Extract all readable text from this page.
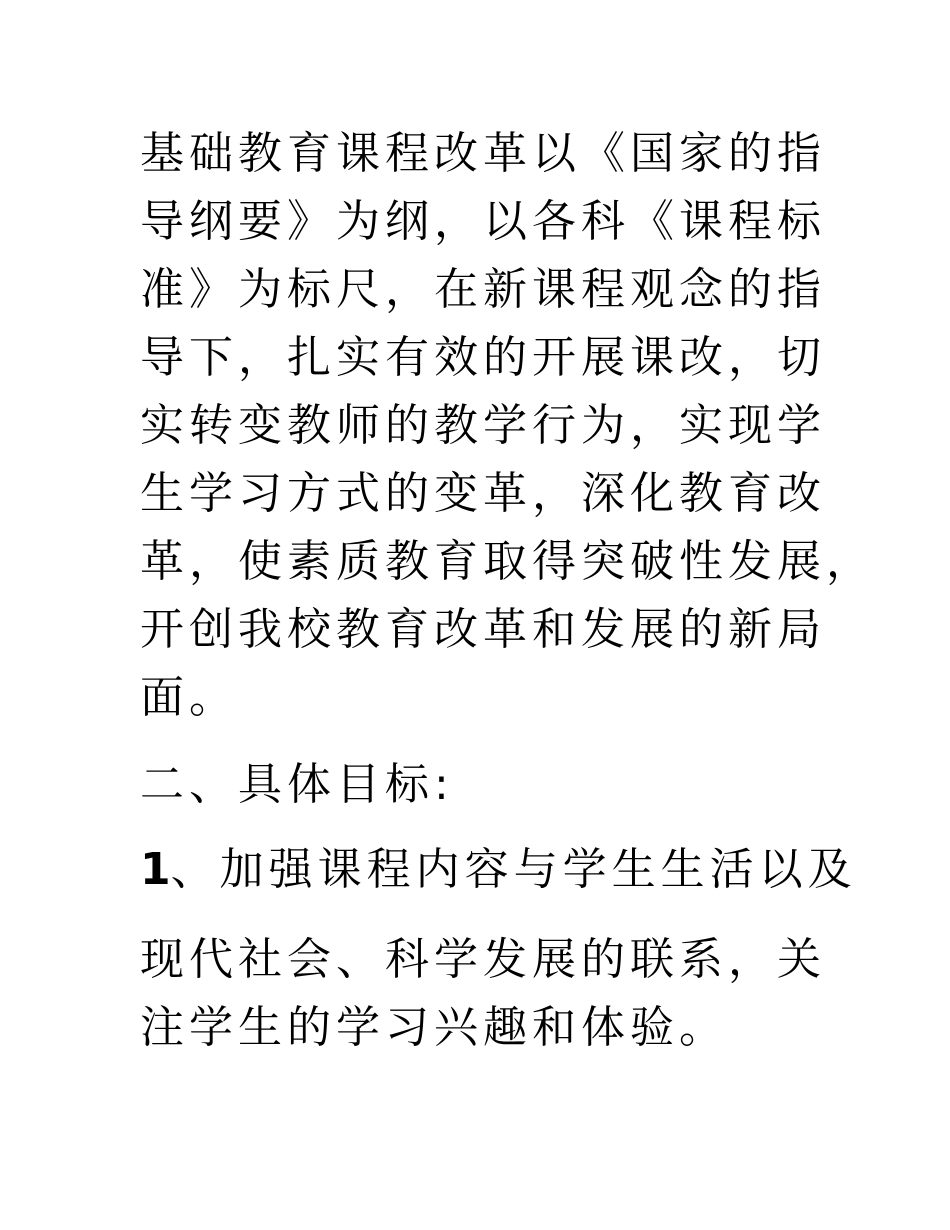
基础教育课程改革以《国家的指

导纲要》为纲，以各科《课程标

准》为标尺，在新课程观念的指

导下，扎实有效的开展课改，切

实转变教师的教学行为，实现学

生学习方式的变革，深化教育改

革，使素质教育取得突破性发展，

开创我校教育改革和发展的新局

面。

二、具体目标:

1、加强课程内容与学生生活以及

现代社会、科学发展的联系，关

注学生的学习兴趣和体验。
